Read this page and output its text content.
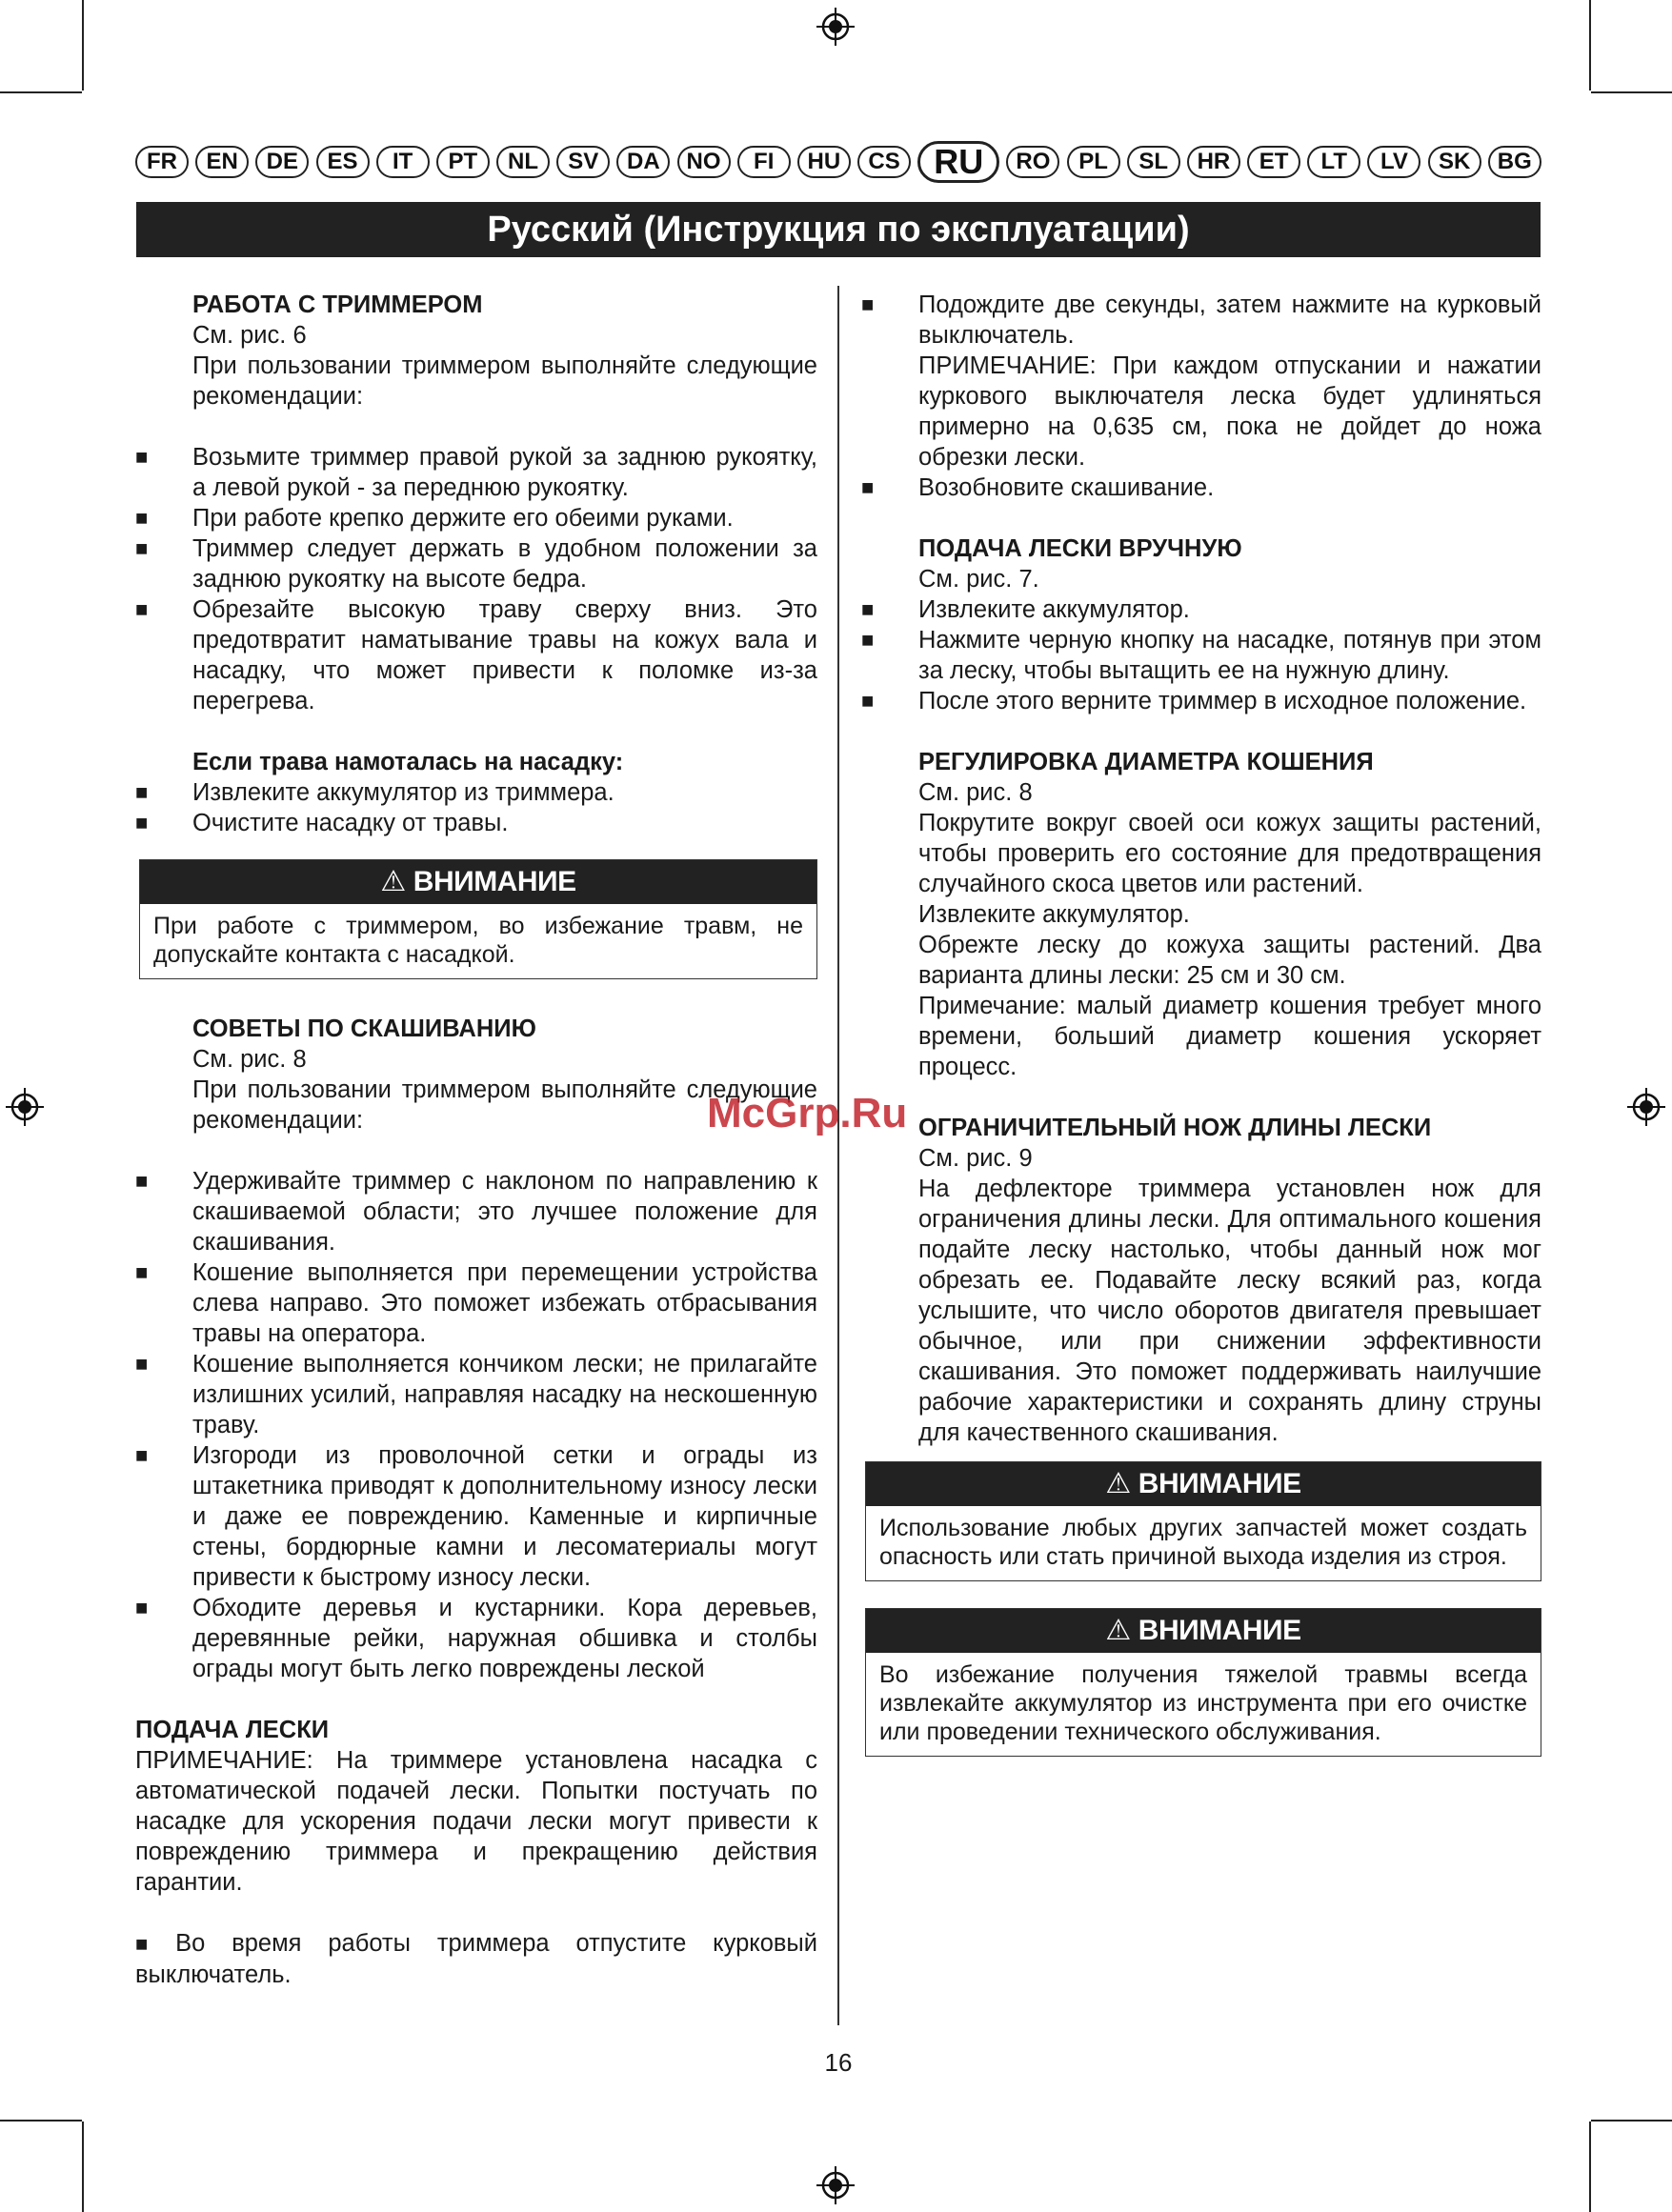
FR	EN	DE	ES	IT	PT	NL	SV	DA	NO	FI	HU	CS RU	RO	PL	SL	HR	ET	LT	LV	SK	BG
Русский (Инструкция по эксплуатации)
РАБОТА С ТРИММЕРОМ
См. рис. 6
При пользовании триммером выполняйте следующие рекомендации:
■ Возьмите триммер правой рукой за заднюю рукоятку, а левой рукой - за переднюю рукоятку.
■ При работе крепко держите его обеими руками.
■ Триммер следует держать в удобном положении за заднюю рукоятку на высоте бедра.
■ Обрезайте высокую траву сверху вниз. Это предотвратит наматывание травы на кожух вала и насадку, что может привести к поломке из-за перегрева.
Если трава намоталась на насадку:
■ Извлеките аккумулятор из триммера.
■ Очистите насадку от травы.
⚠ ВНИМАНИЕ
При работе с триммером, во избежание травм, не допускайте контакта с насадкой.
СОВЕТЫ ПО СКАШИВАНИЮ
См. рис. 8
При пользовании триммером выполняйте следующие рекомендации:
■ Удерживайте триммер с наклоном по направлению к скашиваемой области; это лучшее положение для скашивания.
■ Кошение выполняется при перемещении устройства слева направо. Это поможет избежать отбрасывания травы на оператора.
■ Кошение выполняется кончиком лески; не прилагайте излишних усилий, направляя насадку на нескошенную траву.
■ Изгороди из проволочной сетки и ограды из штакетника приводят к дополнительному износу лески и даже ее повреждению. Каменные и кирпичные стены, бордюрные камни и лесоматериалы могут привести к быстрому износу лески.
■ Обходите деревья и кустарники. Кора деревьев, деревянные рейки, наружная обшивка и столбы ограды могут быть легко повреждены леской
ПОДАЧА ЛЕСКИ
ПРИМЕЧАНИЕ: На триммере установлена насадка с автоматической подачей лески. Попытки постучать по насадке для ускорения подачи лески могут привести к повреждению триммера и прекращению действия гарантии.
■ Во время работы триммера отпустите курковый выключатель.
■ Подождите две секунды, затем нажмите на курковый выключатель.
ПРИМЕЧАНИЕ: При каждом отпускании и нажатии куркового выключателя леска будет удлиняться примерно на 0,635 см, пока не дойдет до ножа обрезки лески.
■ Возобновите скашивание.
ПОДАЧА ЛЕСКИ ВРУЧНУЮ
См. рис. 7.
■ Извлеките аккумулятор.
■ Нажмите черную кнопку на насадке, потянув при этом за леску, чтобы вытащить ее на нужную длину.
■ После этого верните триммер в исходное положение.
РЕГУЛИРОВКА ДИАМЕТРА КОШЕНИЯ
См. рис. 8
Покрутите вокруг своей оси кожух защиты растений, чтобы проверить его состояние для предотвращения случайного скоса цветов или растений.
Извлеките аккумулятор.
Обрежте леску до кожуха защиты растений. Два варианта длины лески: 25 см и 30 см.
Примечание: малый диаметр кошения требует много времени, больший диаметр кошения ускоряет процесс.
ОГРАНИЧИТЕЛЬНЫЙ НОЖ ДЛИНЫ ЛЕСКИ
См. рис. 9
На дефлекторе триммера установлен нож для ограничения длины лески. Для оптимального кошения подайте леску настолько, чтобы данный нож мог обрезать ее. Подавайте леску всякий раз, когда услышите, что число оборотов двигателя превышает обычное, или при снижении эффективности скашивания. Это поможет поддерживать наилучшие рабочие характеристики и сохранять длину струны для качественного скашивания.
⚠ ВНИМАНИЕ
Использование любых других запчастей может создать опасность или стать причиной выхода изделия из строя.
⚠ ВНИМАНИЕ
Во избежание получения тяжелой травмы всегда извлекайте аккумулятор из инструмента при его очистке или проведении технического обслуживания.
McGrp.Ru
16
